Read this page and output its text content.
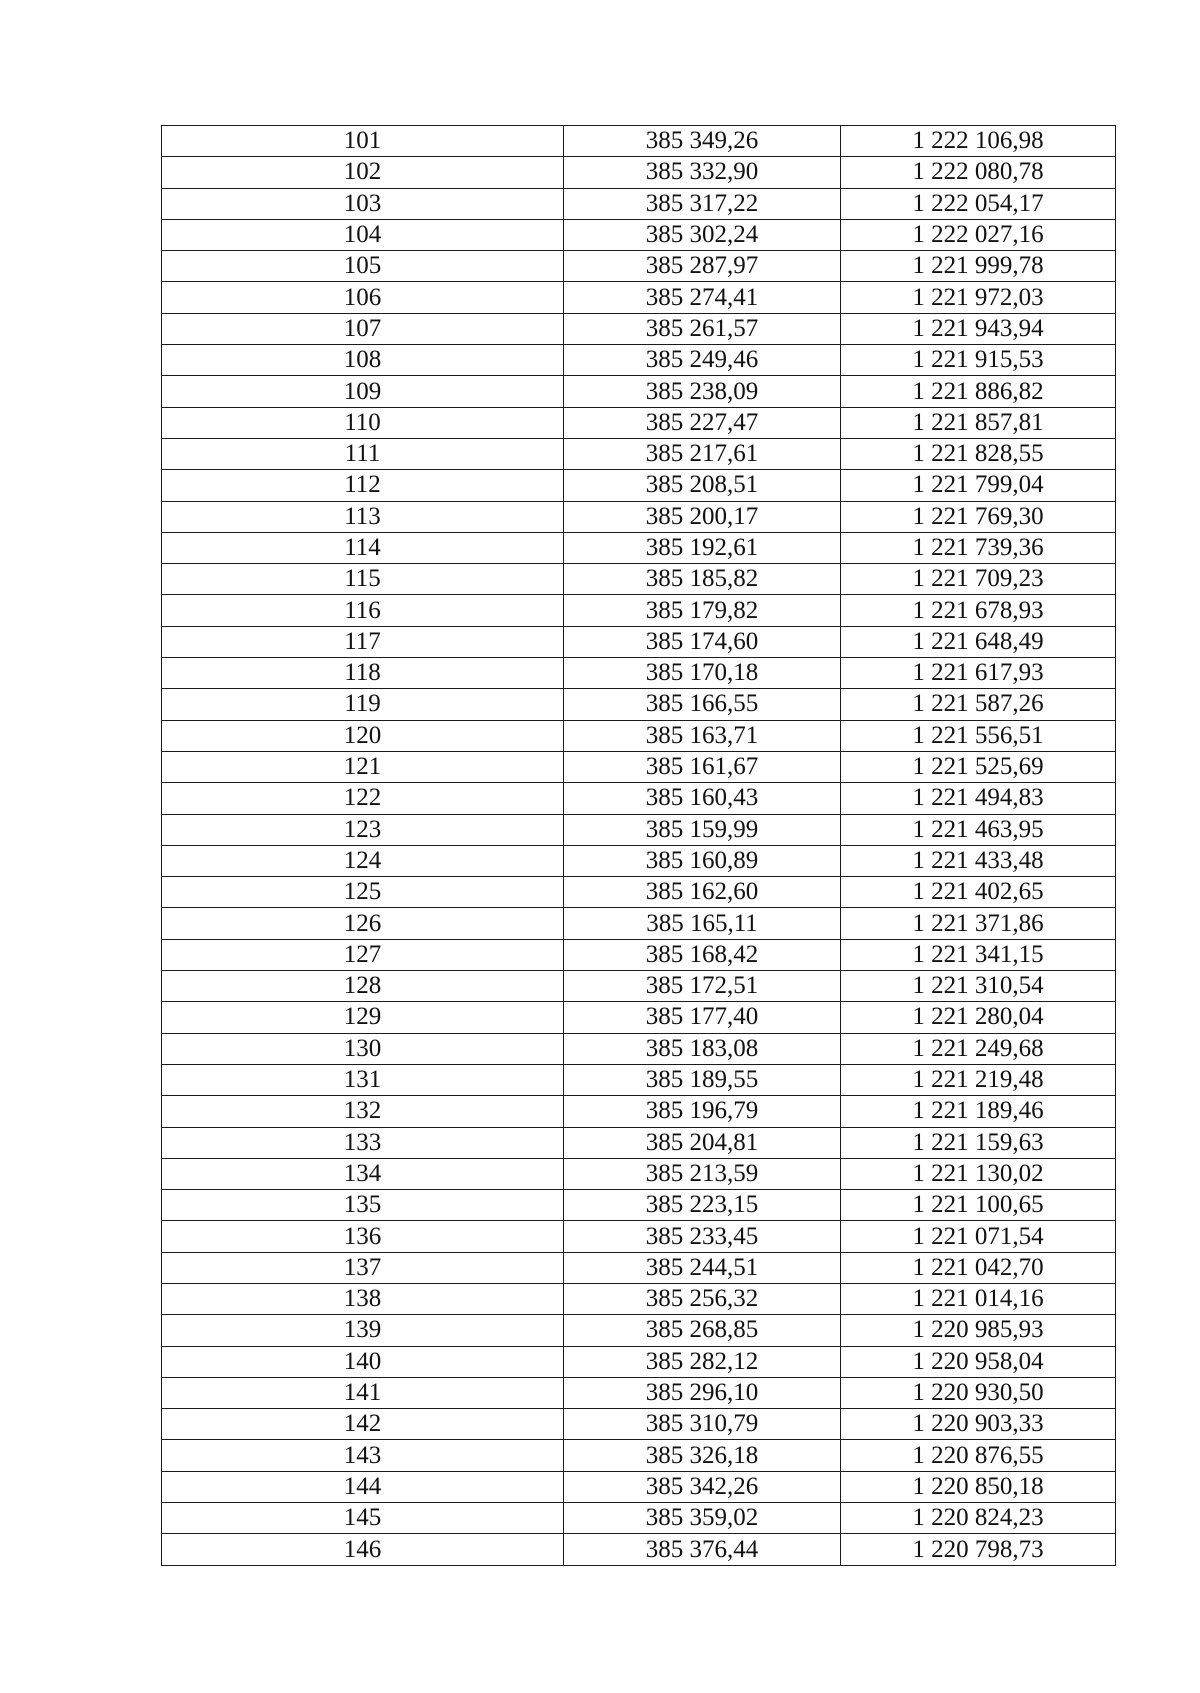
101	385 349,26	1 222 106,98
102	385 332,90	1 222 080,78
103	385 317,22	1 222 054,17
104	385 302,24	1 222 027,16
105	385 287,97	1 221 999,78
106	385 274,41	1 221 972,03
107	385 261,57	1 221 943,94
108	385 249,46	1 221 915,53
109	385 238,09	1 221 886,82
110	385 227,47	1 221 857,81
111	385 217,61	1 221 828,55
112	385 208,51	1 221 799,04
113	385 200,17	1 221 769,30
114	385 192,61	1 221 739,36
115	385 185,82	1 221 709,23
116	385 179,82	1 221 678,93
117	385 174,60	1 221 648,49
118	385 170,18	1 221 617,93
119	385 166,55	1 221 587,26
120	385 163,71	1 221 556,51
121	385 161,67	1 221 525,69
122	385 160,43	1 221 494,83
123	385 159,99	1 221 463,95
124	385 160,89	1 221 433,48
125	385 162,60	1 221 402,65
126	385 165,11	1 221 371,86
127	385 168,42	1 221 341,15
128	385 172,51	1 221 310,54
129	385 177,40	1 221 280,04
130	385 183,08	1 221 249,68
131	385 189,55	1 221 219,48
132	385 196,79	1 221 189,46
133	385 204,81	1 221 159,63
134	385 213,59	1 221 130,02
135	385 223,15	1 221 100,65
136	385 233,45	1 221 071,54
137	385 244,51	1 221 042,70
138	385 256,32	1 221 014,16
139	385 268,85	1 220 985,93
140	385 282,12	1 220 958,04
141	385 296,10	1 220 930,50
142	385 310,79	1 220 903,33
143	385 326,18	1 220 876,55
144	385 342,26	1 220 850,18
145	385 359,02	1 220 824,23
146	385 376,44	1 220 798,73
